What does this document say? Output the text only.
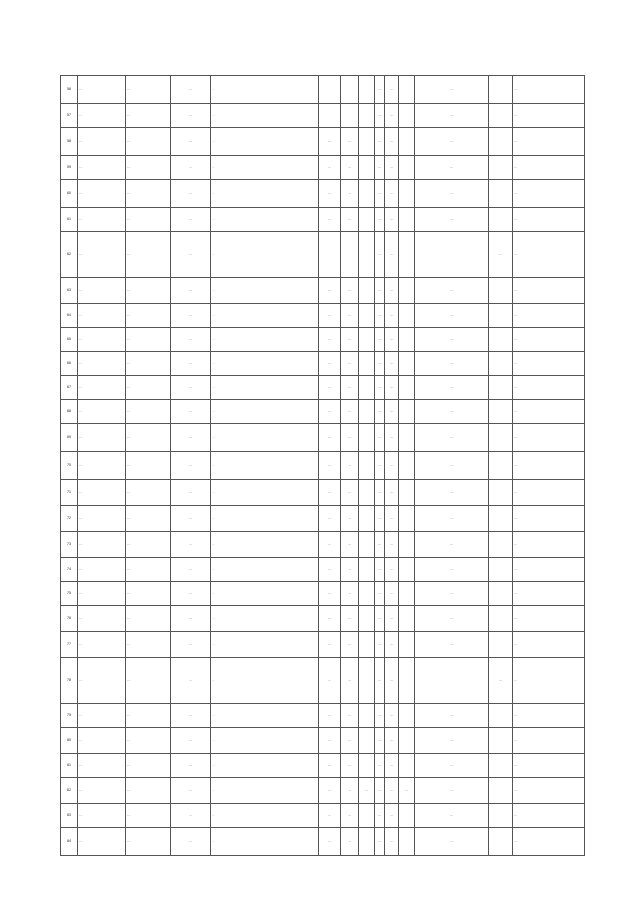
56	…	…	…	…				…	…		…		…
57	…	…	…	…				…	…		…		…
58	…	…	…	…	…	…		…	…		…		…
59	…	…	…	…	…	…		…	…		…		…
60	…	…	…	…	…	…		…	…		…		…
61	…	…	…	…	…	…		…	…		…		…
62	…	…	…	…				…	…			…	…
63	…	…	…	…	…	…		…	…		…		…
64	…	…	…	…	…	…		…	…		…		…
65	…	…	…	…	…	…		…	…		…		…
66	…	…	…	…	…	…		…	…		…		…
67	…	…	…	…	…	…		…	…		…		…
68	…	…	…	…	…	…		…	…		…		…
69	…	…	…	…	…	…		…	…		…		…
70	…	…	…	…	…	…		…	…		…		…
71	…	…	…	…	…	…		…	…		…		…
72	…	…	…	…	…	…		…	…		…		…
73	…	…	…	…	…	…		…	…		…		…
74	…	…	…	…	…	…		…	…		…		…
75	…	…	…	…	…	…		…	…		…		…
76	…	…	…	…	…	…		…	…		…		…
77	…	…	…	…	…	…		…	…		…		…
78	…	…	…	…	…	…		…	…			…	…
79	…	…	…	…	…	…		…	…		…		…
80	…	…	…	…	…	…		…	…		…		…
81	…	…	…	…	…	…		…	…		…		…
82	…	…	…	…	…	…	…	…	…	…	…		…
83	…	…	…	…	…	…		…	…		…		…
84	…	…	…	…	…	…		…	…		…		…
